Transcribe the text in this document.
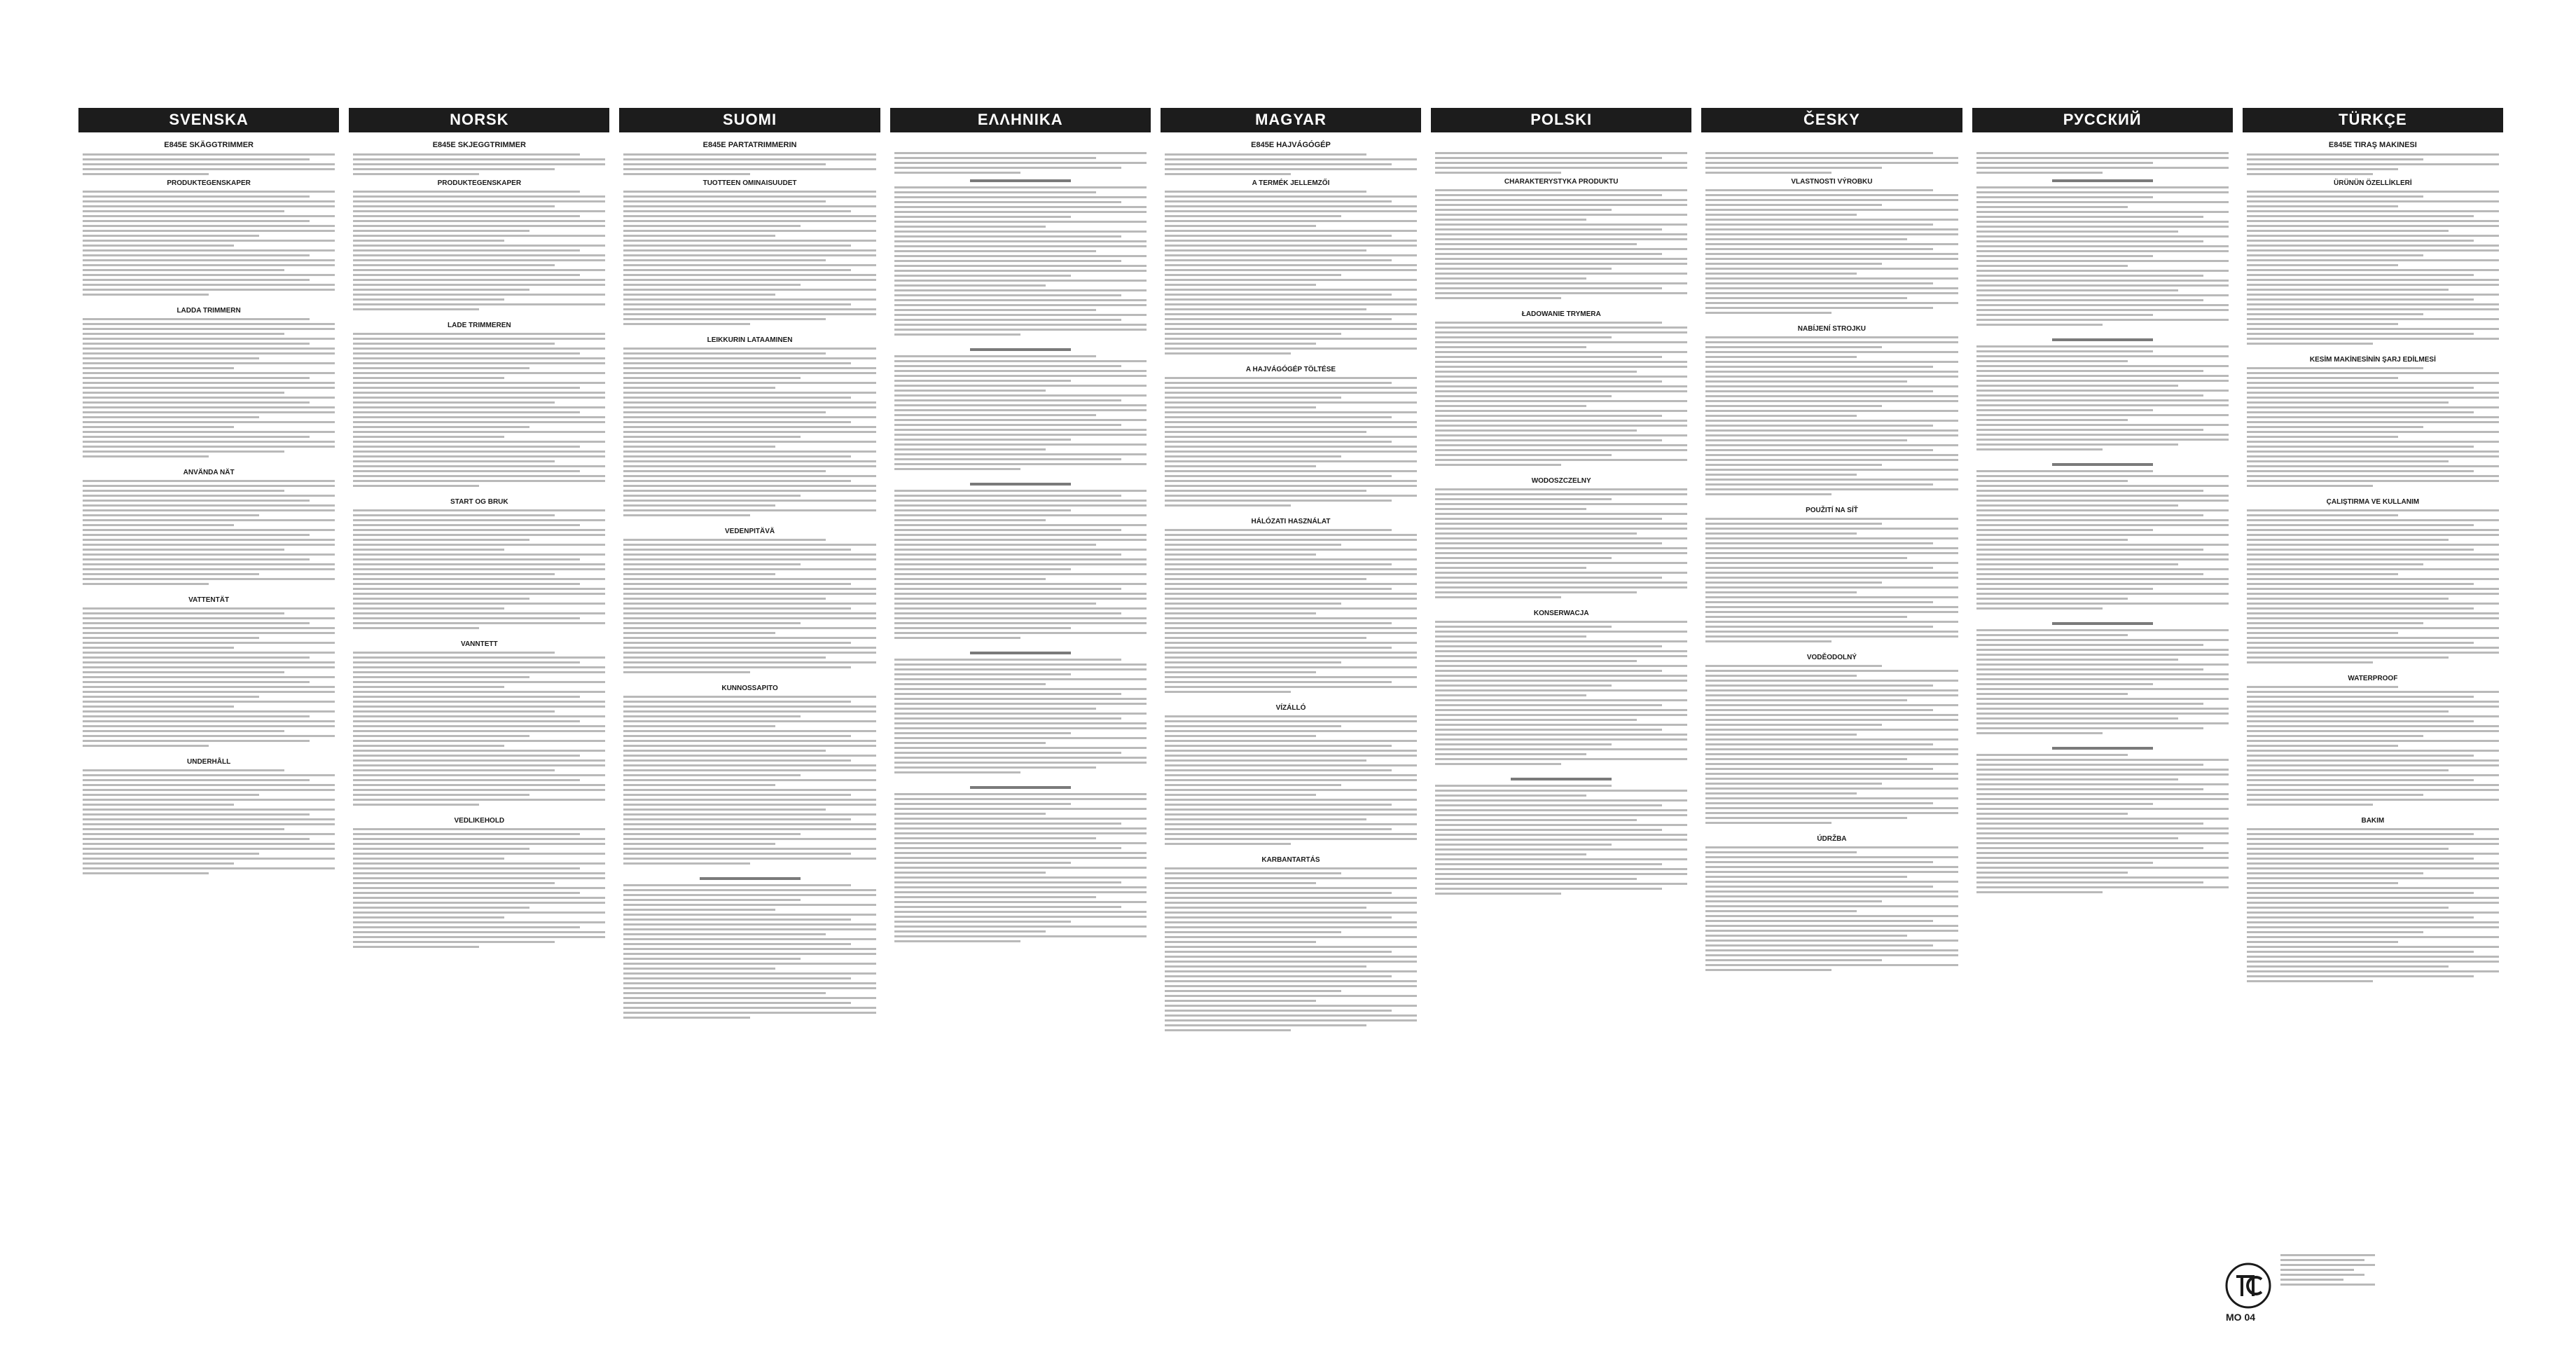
SVENSKA
E845E SKÄGGTRIMMER
PRODUKTEGENSKAPER
LADDA TRIMMERN
ANVÄNDA NÄT
VATTENTÄT
UNDERHÅLL
NORSK
E845E SKJEGGTRIMMER
PRODUKTEGENSKAPER
LADE TRIMMEREN
START OG BRUK
VANNTETT
VEDLIKEHOLD
SUOMI
E845E PARTATRIMMERIN
TUOTTEEN OMINAISUUDET
LEIKKURIN LATAAMINEN
VEDENPITÄVÄ
KUNNOSSAPITO
ΕΛΛΗΝΙΚΑ	MAGYAR
E845E HAJVÁGÓGÉP
A TERMÉK JELLEMZŐI
A HAJVÁGÓGÉP TÖLTÉSE
HÁLÓZATI HASZNÁLAT
VÍZÁLLÓ
KARBANTARTÁS
POLSKI
CHARAKTERYSTYKA PRODUKTU
ŁADOWANIE TRYMERA
WODOSZCZELNY
KONSERWACJA
ČESKY
VLASTNOSTI VÝROBKU
NABÍJENÍ STROJKU
POUŽITÍ NA SÍŤ
VODĚODOLNÝ
ÚDRŽBA
РУССКИЙ	TÜRKÇE
E845E TIRAŞ MAKINESI
ÜRÜNÜN ÖZELLİKLERİ
KESİM MAKİNESİNİN ŞARJ EDİLMESİ
ÇALIŞTIRMA VE KULLANIM
WATERPROOF
BAKIM
MO 04
